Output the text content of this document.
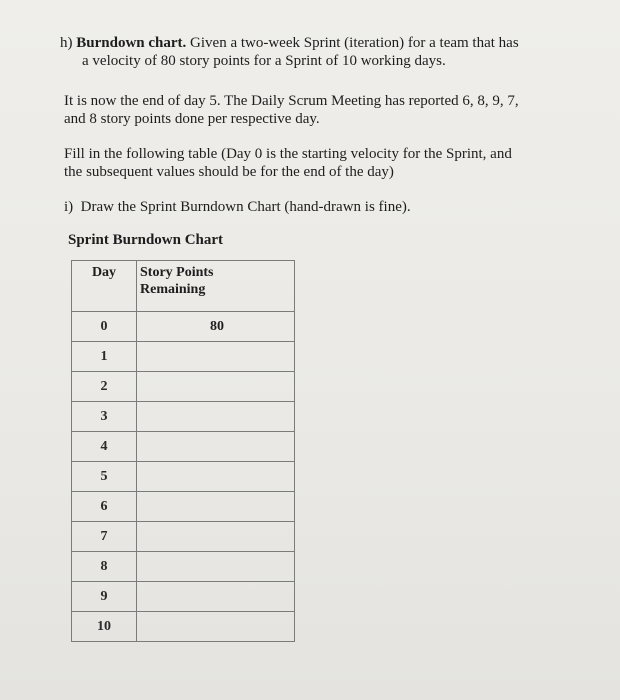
h) Burndown chart. Given a two-week Sprint (iteration) for a team that has
a velocity of 80 story points for a Sprint of 10 working days.
It is now the end of day 5. The Daily Scrum Meeting has reported 6, 8, 9, 7,
and 8 story points done per respective day.
Fill in the following table (Day 0 is the starting velocity for the Sprint, and
the subsequent values should be for the end of the day)
i) Draw the Sprint Burndown Chart (hand-drawn is fine).
Sprint Burndown Chart
Day	Story Points
Remaining

0	80
1	
2	
3	
4	
5	
6	
7	
8	
9	
10	
